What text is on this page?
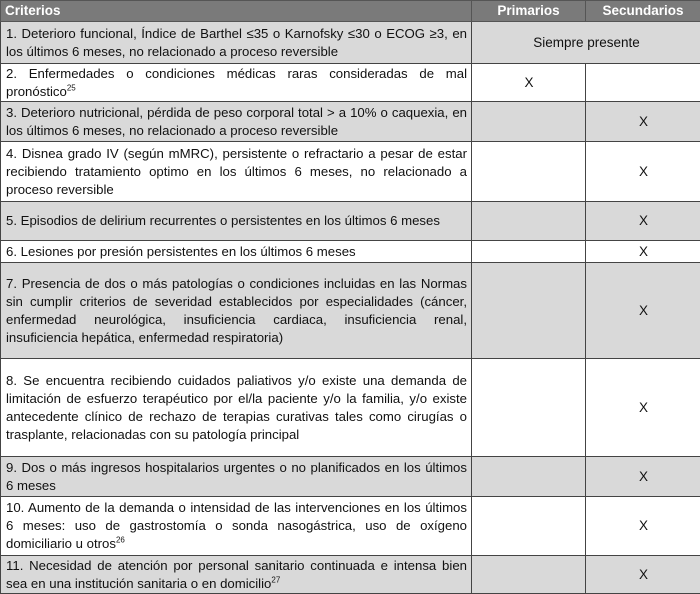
Criterios	Primarios	Secundarios
1. Deterioro funcional, Índice de Barthel ≤35 o Karnofsky ≤30 o ECOG ≥3, en los últimos 6 meses, no relacionado a proceso reversible	Siempre presente	
2. Enfermedades o condiciones médicas raras consideradas de mal pronóstico$^{25}$	X	
3. Deterioro nutricional, pérdida de peso corporal total > a 10% o caquexia, en los últimos 6 meses, no relacionado a proceso reversible		X
4. Disnea grado IV (según mMRC), persistente o refractario a pesar de estar recibiendo tratamiento optimo en los últimos 6 meses, no relacionado a proceso reversible		X
5. Episodios de delirium recurrentes o persistentes en los últimos 6 meses		X
6. Lesiones por presión persistentes en los últimos 6 meses		X
7. Presencia de dos o más patologías o condiciones incluidas en las Normas sin cumplir criterios de severidad establecidos por especialidades (cáncer, enfermedad neurológica, insuficiencia cardiaca, insuficiencia renal, insuficiencia hepática, enfermedad respiratoria)		X
8. Se encuentra recibiendo cuidados paliativos y/o existe una demanda de limitación de esfuerzo terapéutico por el/la paciente y/o la familia, y/o existe antecedente clínico de rechazo de terapias curativas tales como cirugías o trasplante, relacionadas con su patología principal		X
9. Dos o más ingresos hospitalarios urgentes o no planificados en los últimos 6 meses		X
10. Aumento de la demanda o intensidad de las intervenciones en los últimos 6 meses: uso de gastrostomía o sonda nasogástrica, uso de oxígeno domiciliario u otros$^{26}$		X
11. Necesidad de atención por personal sanitario continuada e intensa bien sea en una institución sanitaria o en domicilio$^{27}$		X
